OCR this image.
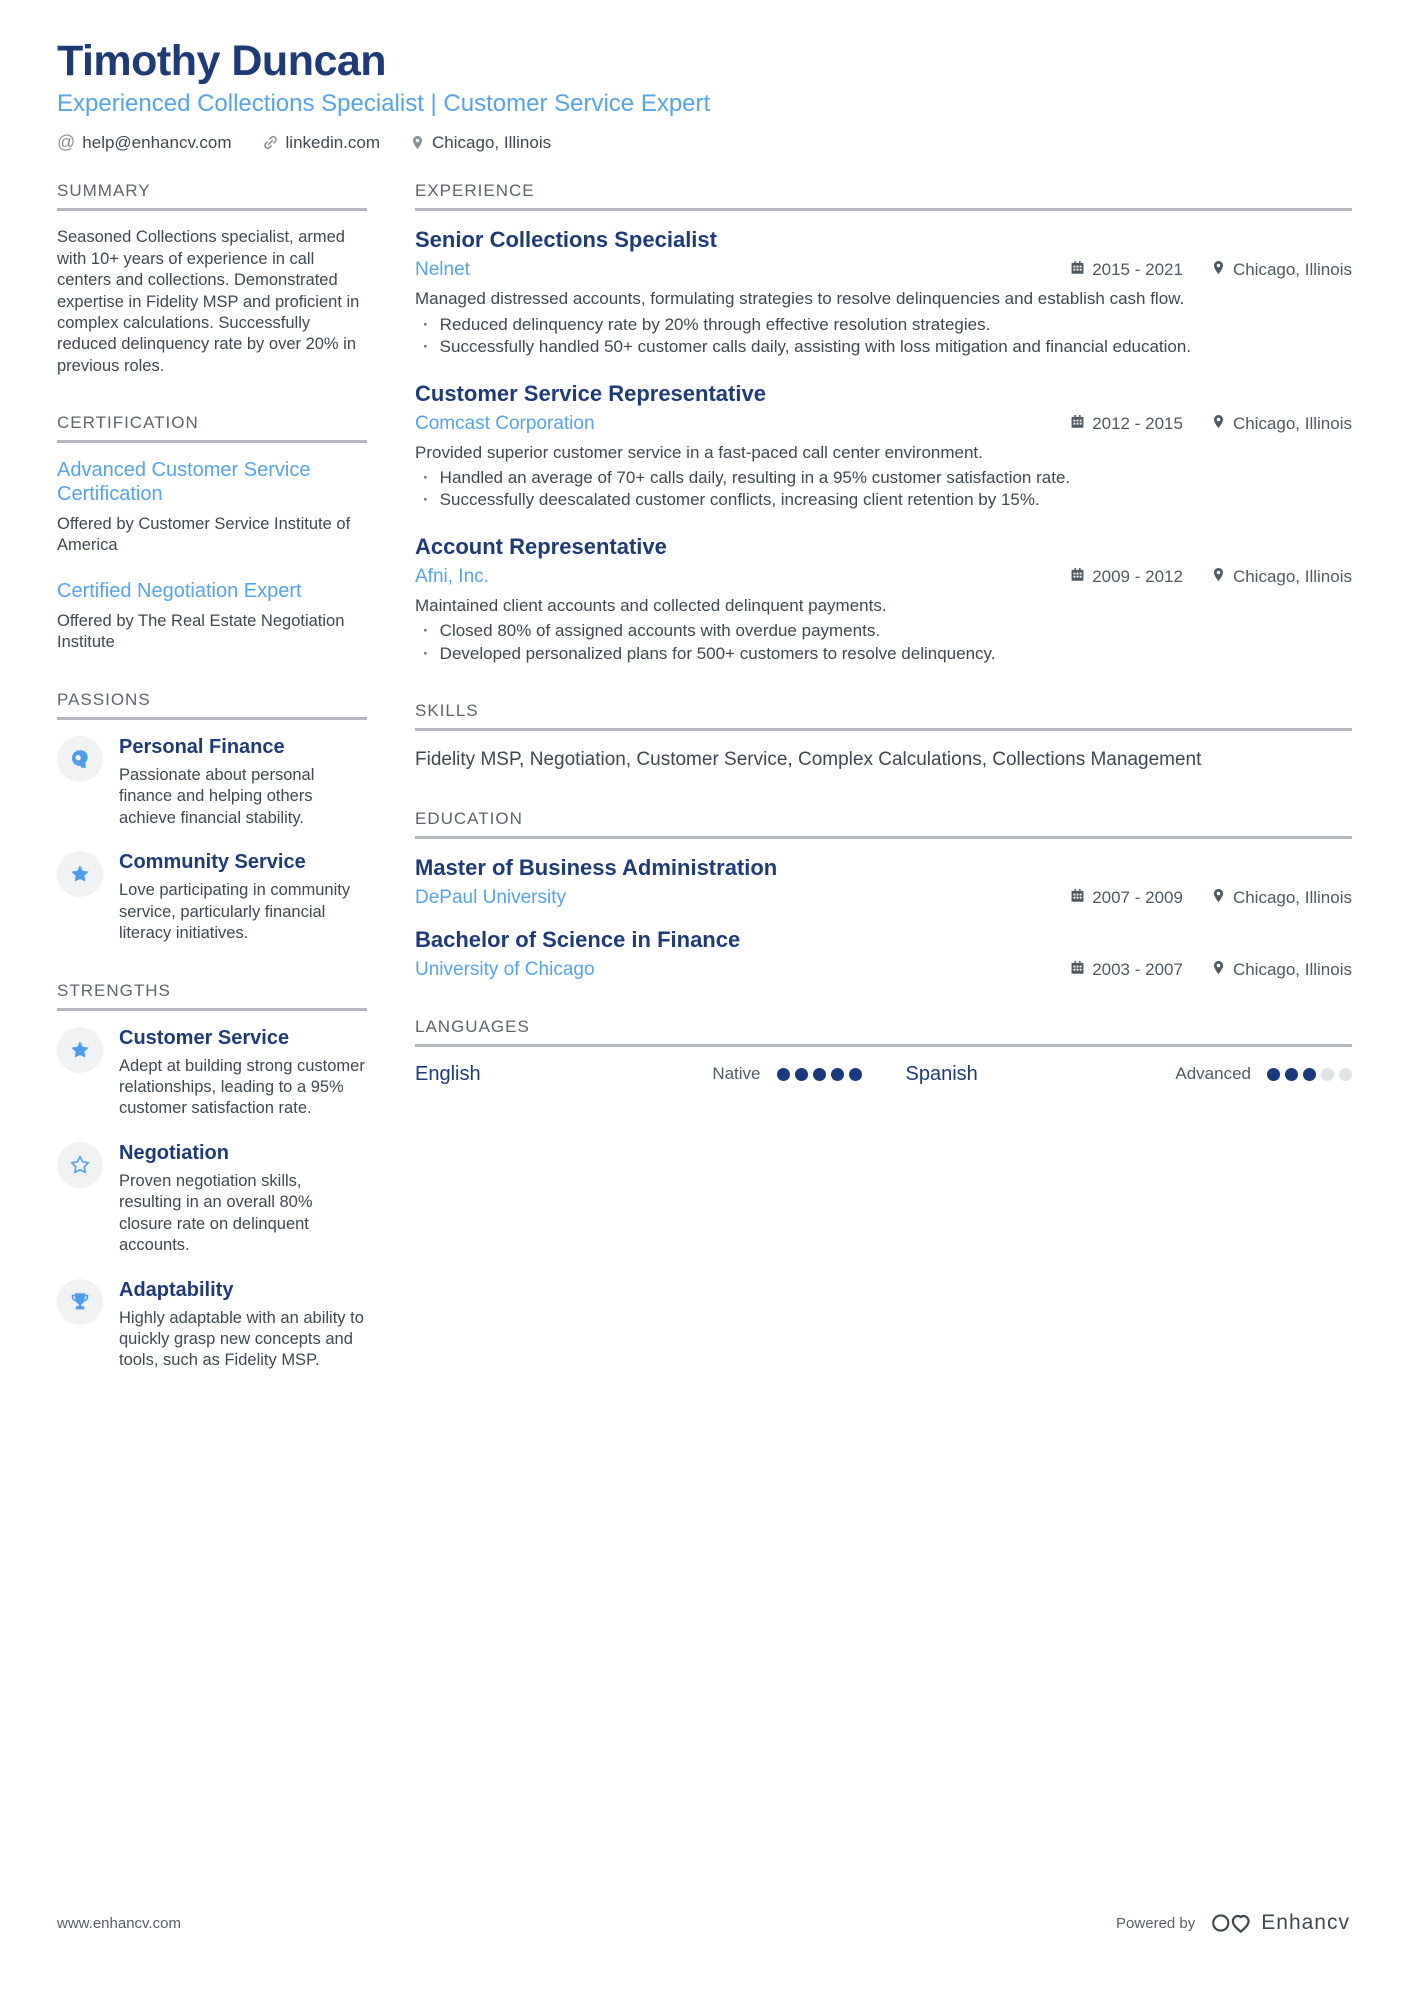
Timothy Duncan
Experienced Collections Specialist | Customer Service Expert
@ help@enhancv.com	linkedin.com	Chicago, Illinois
SUMMARY
Seasoned Collections specialist, armed with 10+ years of experience in call centers and collections. Demonstrated expertise in Fidelity MSP and proficient in complex calculations. Successfully reduced delinquency rate by over 20% in previous roles.
CERTIFICATION
Advanced Customer Service Certification
Offered by Customer Service Institute of America
Certified Negotiation Expert
Offered by The Real Estate Negotiation Institute
PASSIONS
Personal Finance
Passionate about personal finance and helping others achieve financial stability.
Community Service
Love participating in community service, particularly financial literacy initiatives.
STRENGTHS
Customer Service
Adept at building strong customer relationships, leading to a 95% customer satisfaction rate.
Negotiation
Proven negotiation skills, resulting in an overall 80% closure rate on delinquent accounts.
Adaptability
Highly adaptable with an ability to quickly grasp new concepts and tools, such as Fidelity MSP.
EXPERIENCE
Senior Collections Specialist
Nelnet	2015 - 2021	Chicago, Illinois
Managed distressed accounts, formulating strategies to resolve delinquencies and establish cash flow.
· Reduced delinquency rate by 20% through effective resolution strategies.
· Successfully handled 50+ customer calls daily, assisting with loss mitigation and financial education.
Customer Service Representative
Comcast Corporation	2012 - 2015	Chicago, Illinois
Provided superior customer service in a fast-paced call center environment.
· Handled an average of 70+ calls daily, resulting in a 95% customer satisfaction rate.
· Successfully deescalated customer conflicts, increasing client retention by 15%.
Account Representative
Afni, Inc.	2009 - 2012	Chicago, Illinois
Maintained client accounts and collected delinquent payments.
· Closed 80% of assigned accounts with overdue payments.
· Developed personalized plans for 500+ customers to resolve delinquency.
SKILLS
Fidelity MSP, Negotiation, Customer Service, Complex Calculations, Collections Management
EDUCATION
Master of Business Administration
DePaul University	2007 - 2009	Chicago, Illinois
Bachelor of Science in Finance
University of Chicago	2003 - 2007	Chicago, Illinois
LANGUAGES
English	Native	Spanish	Advanced
www.enhancv.com	Powered by	Enhancv
